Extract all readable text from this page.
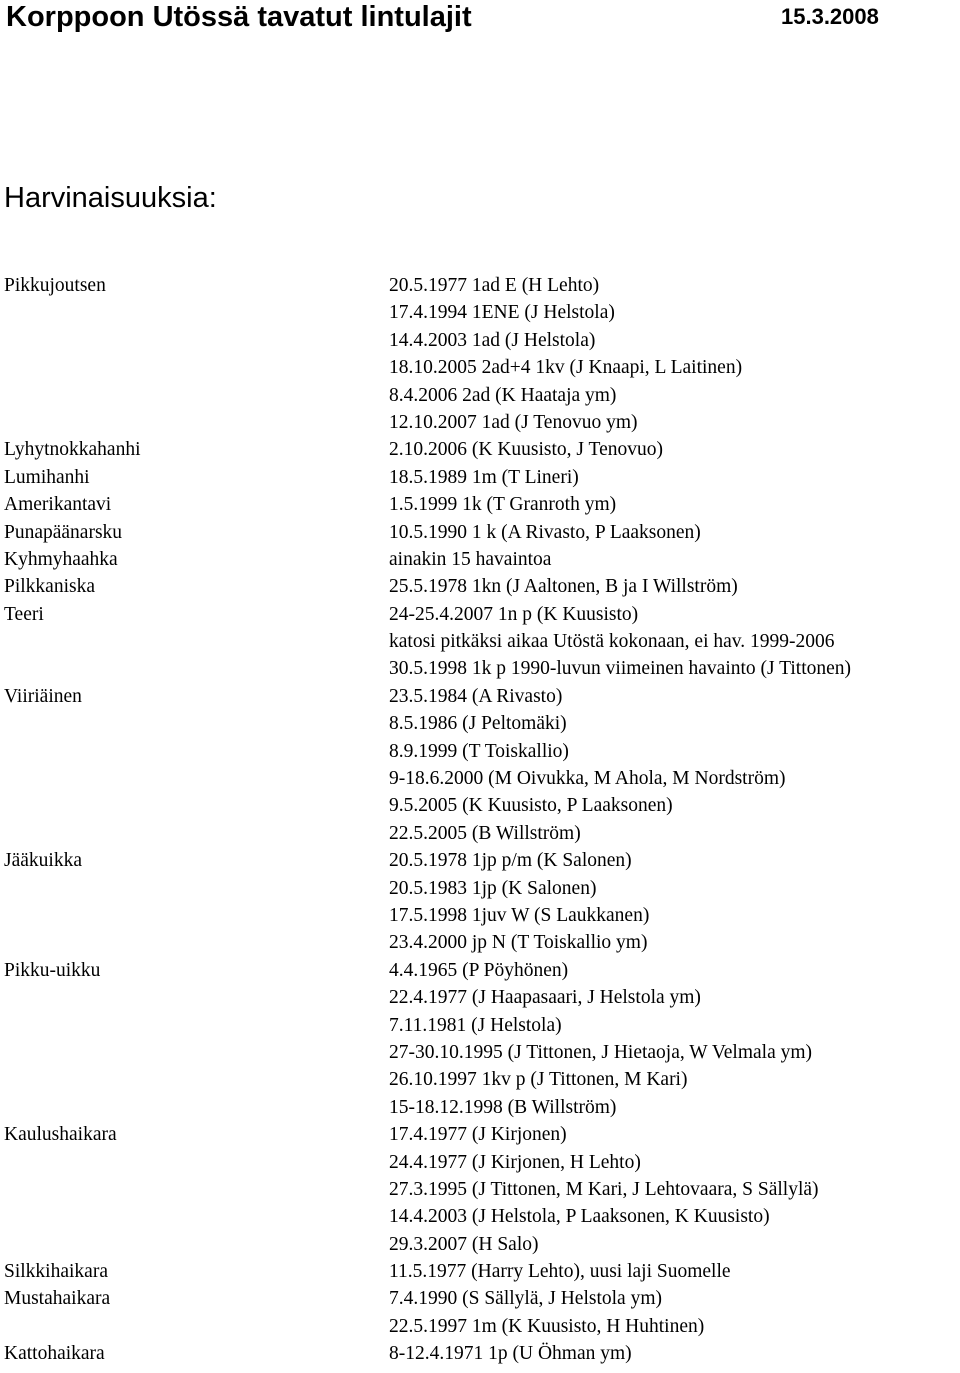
Korppoon Utössä tavatut lintulajit	15.3.2008
Harvinaisuuksia:
Pikkujoutsen	20.5.1977 1ad E (H Lehto)
17.4.1994 1ENE (J Helstola)
14.4.2003 1ad (J Helstola)
18.10.2005 2ad+4 1kv (J Knaapi, L Laitinen)
8.4.2006 2ad (K Haataja ym)
12.10.2007 1ad (J Tenovuo ym)
Lyhytnokkahanhi	2.10.2006 (K Kuusisto, J Tenovuo)
Lumihanhi	18.5.1989 1m (T Lineri)
Amerikantavi	1.5.1999 1k (T Granroth ym)
Punapäänarsku	10.5.1990 1 k (A Rivasto, P Laaksonen)
Kyhmyhaahka	ainakin 15 havaintoa
Pilkkaniska	25.5.1978 1kn (J Aaltonen, B ja I Willström)
Teeri	24-25.4.2007 1n p (K Kuusisto)
katosi pitkäksi aikaa Utöstä kokonaan, ei hav. 1999-2006
30.5.1998 1k p 1990-luvun viimeinen havainto (J Tittonen)
Viiriäinen	23.5.1984 (A Rivasto)
8.5.1986 (J Peltomäki)
8.9.1999 (T Toiskallio)
9-18.6.2000 (M Oivukka, M Ahola, M Nordström)
9.5.2005 (K Kuusisto, P Laaksonen)
22.5.2005 (B Willström)
Jääkuikka	20.5.1978 1jp p/m (K Salonen)
20.5.1983 1jp (K Salonen)
17.5.1998 1juv W (S Laukkanen)
23.4.2000 jp N (T Toiskallio ym)
Pikku-uikku	4.4.1965 (P Pöyhönen)
22.4.1977 (J Haapasaari, J Helstola ym)
7.11.1981 (J Helstola)
27-30.10.1995 (J Tittonen, J Hietaoja, W Velmala ym)
26.10.1997 1kv p (J Tittonen, M Kari)
15-18.12.1998 (B Willström)
Kaulushaikara	17.4.1977 (J Kirjonen)
24.4.1977 (J Kirjonen, H Lehto)
27.3.1995 (J Tittonen, M Kari, J Lehtovaara, S Sällylä)
14.4.2003 (J Helstola, P Laaksonen, K Kuusisto)
29.3.2007 (H Salo)
Silkkihaikara	11.5.1977 (Harry Lehto), uusi laji Suomelle
Mustahaikara	7.4.1990 (S Sällylä, J Helstola ym)
22.5.1997 1m (K Kuusisto, H Huhtinen)
Kattohaikara	8-12.4.1971 1p (U Öhman ym)
